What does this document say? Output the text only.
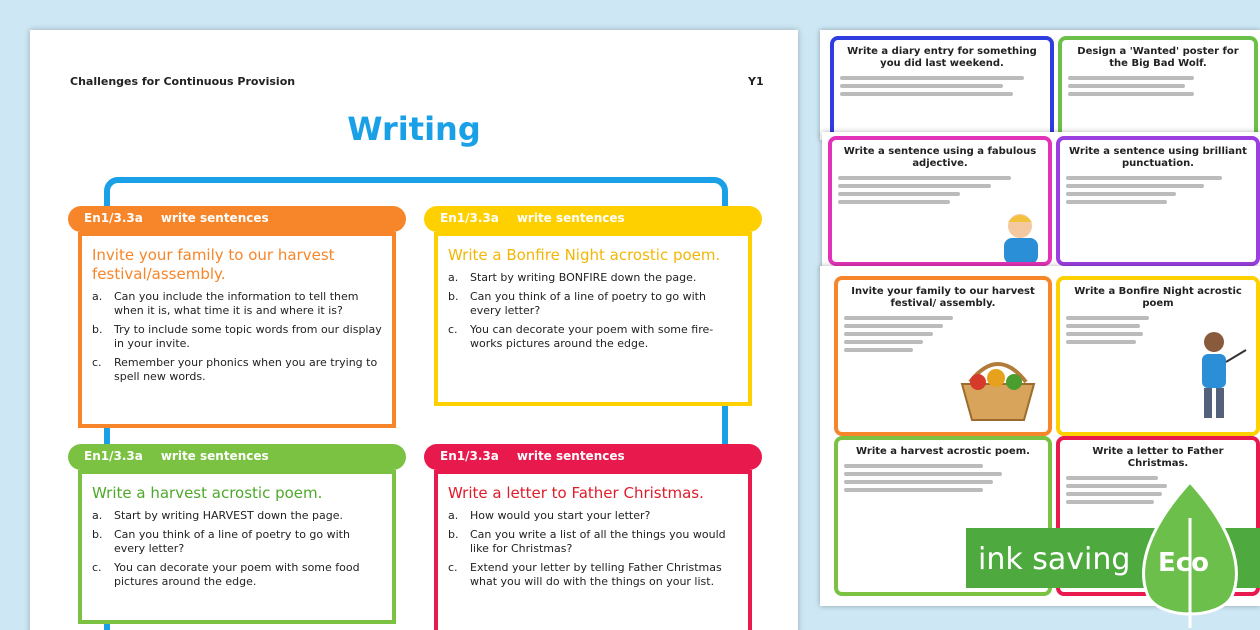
Challenges for Continuous Provision	Y1
Writing
En1/3.3a write sentences
Invite your family to our harvest festival/assembly.
a.	Can you include the information to tell them when it is, what time it is and where it is?
b.	Try to include some topic words from our display in your invite.
c.	Remember your phonics when you are trying to spell new words.
En1/3.3a write sentences
Write a Bonfire Night acrostic poem.
a.	Start by writing BONFIRE down the page.
b.	Can you think of a line of poetry to go with every letter?
c.	You can decorate your poem with some fire-works pictures around the edge.
En1/3.3a write sentences
Write a harvest acrostic poem.
a.	Start by writing HARVEST down the page.
b.	Can you think of a line of poetry to go with every letter?
c.	You can decorate your poem with some food pictures around the edge.
En1/3.3a write sentences
Write a letter to Father Christmas.
a.	How would you start your letter?
b.	Can you write a list of all the things you would like for Christmas?
c.	Extend your letter by telling Father Christmas what you will do with the things on your list.
Write a diary entry for something you did last weekend.
Design a 'Wanted' poster for the Big Bad Wolf.
Write a sentence using a fabulous adjective.
Write a sentence using brilliant punctuation.
Invite your family to our harvest festival/ assembly.
Write a Bonfire Night acrostic poem
Write a harvest acrostic poem.	Write a letter to Father Christmas.
ink saving Eco
